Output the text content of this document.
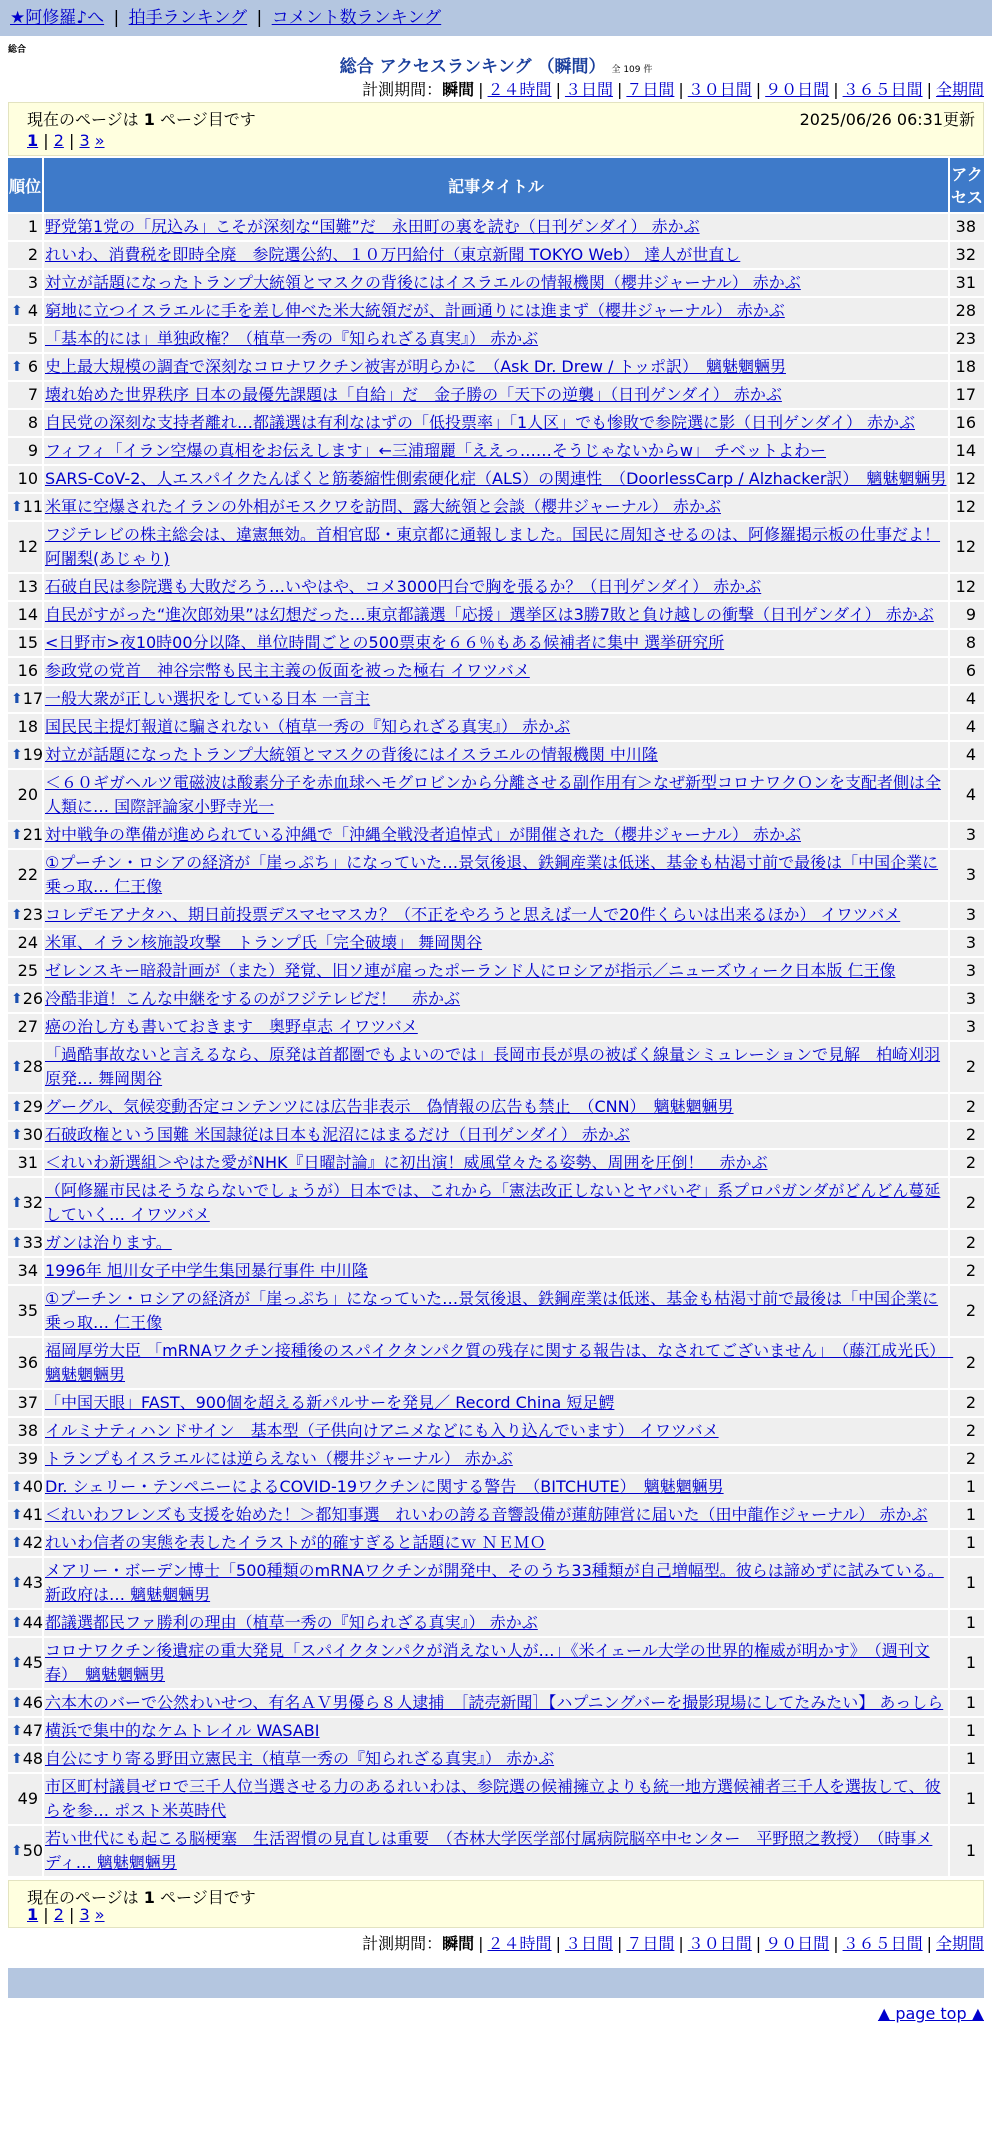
★阿修羅♪へ | 拍手ランキング | コメント数ランキング
総合
総合 アクセスランキング （瞬間） 全 109 件
計測期間：瞬間 | ２４時間 | ３日間 | ７日間 | ３０日間 | ９０日間 | ３６５日間 | 全期間
現在のページは 1 ページ目です	2025/06/26 06:31更新
1 | 2 | 3 »
順位	記事タイトル	アクセス
1	野党第1党の「尻込み」こそが深刻な“国難”だ　永田町の裏を読む（日刊ゲンダイ） 赤かぶ	38
2	れいわ、消費税を即時全廃　参院選公約、１０万円給付（東京新聞 TOKYO Web） 達人が世直し	32
3	対立が話題になったトランプ大統領とマスクの背後にはイスラエルの情報機関（櫻井ジャーナル） 赤かぶ	31

⬆ 4	窮地に立つイスラエルに手を差し伸べた米大統領だが、計画通りには進まず（櫻井ジャーナル） 赤かぶ	28
5	「基本的には」単独政権？（植草一秀の『知られざる真実』） 赤かぶ	23

⬆ 6	史上最大規模の調査で深刻なコロナワクチン被害が明らかに　（Ask Dr. Drew / トッポ訳）　魑魅魍魎男	18
7	壊れ始めた世界秩序 日本の最優先課題は「自給」だ　金子勝の「天下の逆襲」（日刊ゲンダイ） 赤かぶ	17
8	自民党の深刻な支持者離れ…都議選は有利なはずの「低投票率」「1人区」でも惨敗で参院選に影（日刊ゲンダイ） 赤かぶ	16
9	フィフィ「イラン空爆の真相をお伝えします」←三浦瑠麗「ええっ……そうじゃないからw」 チベットよわー	14
10	SARS-CoV-2、人エスパイクたんぱくと筋萎縮性側索硬化症（ALS）の関連性　（DoorlessCarp / Alzhacker訳）　魑魅魍魎男	12

⬆ 11	米軍に空爆されたイランの外相がモスクワを訪問、露大統領と会談（櫻井ジャーナル） 赤かぶ	12
12	フジテレビの株主総会は、違憲無効。首相官邸・東京都に通報しました。国民に周知させるのは、阿修羅掲示板の仕事だよ！ 阿闍梨(あじゃり)	12
13	石破自民は参院選も大敗だろう…いやはや、コメ3000円台で胸を張るか？（日刊ゲンダイ） 赤かぶ	12
14	自民がすがった“進次郎効果”は幻想だった…東京都議選「応援」選挙区は3勝7敗と負け越しの衝撃（日刊ゲンダイ） 赤かぶ	9
15	<日野市>夜10時00分以降、単位時間ごとの500票束を６６％もある候補者に集中 選挙研究所	8
16	参政党の党首　神谷宗幣も民主主義の仮面を被った極右 イワツバメ	6

⬆ 17	一般大衆が正しい選択をしている日本 一言主	4
18	国民民主提灯報道に騙されない（植草一秀の『知られざる真実』） 赤かぶ	4

⬆ 19	対立が話題になったトランプ大統領とマスクの背後にはイスラエルの情報機関 中川隆	4
20	＜６０ギガヘルツ電磁波は酸素分子を赤血球ヘモグロビンから分離させる副作用有＞なぜ新型コロナワクＯンを支配者側は全人類に… 国際評論家小野寺光一	4

⬆ 21	対中戦争の準備が進められている沖縄で「沖縄全戦没者追悼式」が開催された（櫻井ジャーナル） 赤かぶ	3
22	①プーチン・ロシアの経済が「崖っぷち」になっていた…景気後退、鉄鋼産業は低迷、基金も枯渇寸前で最後は「中国企業に乗っ取… 仁王像	3

⬆ 23	コレデモアナタハ、期日前投票デスマセマスカ？（不正をやろうと思えば一人で20件くらいは出来るほか） イワツバメ	3
24	米軍、イラン核施設攻撃　トランプ氏「完全破壊」 舞岡関谷	3
25	ゼレンスキー暗殺計画が（また）発覚、旧ソ連が雇ったポーランド人にロシアが指示／ニューズウィーク日本版 仁王像	3

⬆ 26	冷酷非道！こんな中継をするのがフジテレビだ！　赤かぶ	3
27	癌の治し方も書いておきます　奥野卓志 イワツバメ	3

⬆ 28	「過酷事故ないと言えるなら、原発は首都圏でもよいのでは」長岡市長が県の被ばく線量シミュレーションで見解　柏崎刈羽原発… 舞岡関谷	2

⬆ 29	グーグル、気候変動否定コンテンツには広告非表示　偽情報の広告も禁止　（CNN）　魑魅魍魎男	2

⬆ 30	石破政権という国難 米国隷従は日本も泥沼にはまるだけ（日刊ゲンダイ） 赤かぶ	2
31	＜れいわ新選組＞やはた愛がNHK『日曜討論』に初出演！威風堂々たる姿勢、周囲を圧倒！　赤かぶ	2

⬆ 32	（阿修羅市民はそうならないでしょうが）日本では、これから「憲法改正しないとヤバいぞ」系プロパガンダがどんどん蔓延していく… イワツバメ	2

⬆ 33	ガンは治ります。	2
34	1996年 旭川女子中学生集団暴行事件 中川隆	2
35	①プーチン・ロシアの経済が「崖っぷち」になっていた…景気後退、鉄鋼産業は低迷、基金も枯渇寸前で最後は「中国企業に乗っ取… 仁王像	2
36	福岡厚労大臣 「mRNAワクチン接種後のスパイクタンパク質の残存に関する報告は、なされてございません」　（藤江成光氏）　魑魅魍魎男	2
37	「中国天眼」FAST、900個を超える新パルサーを発見／ Record China 短足鰐	2
38	イルミナティハンドサイン　基本型（子供向けアニメなどにも入り込んでいます） イワツバメ	2
39	トランプもイスラエルには逆らえない（櫻井ジャーナル） 赤かぶ	2

⬆ 40	Dr. シェリー・テンペニーによるCOVID-19ワクチンに関する警告　（BITCHUTE）　魑魅魍魎男	1

⬆ 41	＜れいわフレンズも支援を始めた！＞都知事選　れいわの誇る音響設備が蓮舫陣営に届いた（田中龍作ジャーナル） 赤かぶ	1

⬆ 42	れいわ信者の実態を表したイラストが的確すぎると話題にｗ ＮＥＭＯ	1

⬆ 43	メアリー・ボーデン博士「500種類のmRNAワクチンが開発中、そのうち33種類が自己増幅型。彼らは諦めずに試みている。新政府は… 魑魅魍魎男	1

⬆ 44	都議選都民ファ勝利の理由（植草一秀の『知られざる真実』） 赤かぶ	1

⬆ 45	コロナワクチン後遺症の重大発見「スパイクタンパクが消えない人が…」《米イェール大学の世界的権威が明かす》　（週刊文春）　魑魅魍魎男	1

⬆ 46	六本木のバーで公然わいせつ、有名ＡＶ男優ら８人逮捕　［読売新聞］【ハプニングバーを撮影現場にしてたみたい】 あっしら	1

⬆ 47	横浜で集中的なケムトレイル WASABI	1

⬆ 48	自公にすり寄る野田立憲民主（植草一秀の『知られざる真実』） 赤かぶ	1
49	市区町村議員ゼロで三千人位当選させる力のあるれいわは、参院選の候補擁立よりも統一地方選候補者三千人を選抜して、彼らを参… ポスト米英時代	1

⬆ 50	若い世代にも起こる脳梗塞　生活習慣の見直しは重要　（杏林大学医学部付属病院脳卒中センター　平野照之教授）　（時事メディ… 魑魅魍魎男	1
現在のページは 1 ページ目です
1 | 2 | 3 »
計測期間：瞬間 | ２４時間 | ３日間 | ７日間 | ３０日間 | ９０日間 | ３６５日間 | 全期間
▲ page top ▲
